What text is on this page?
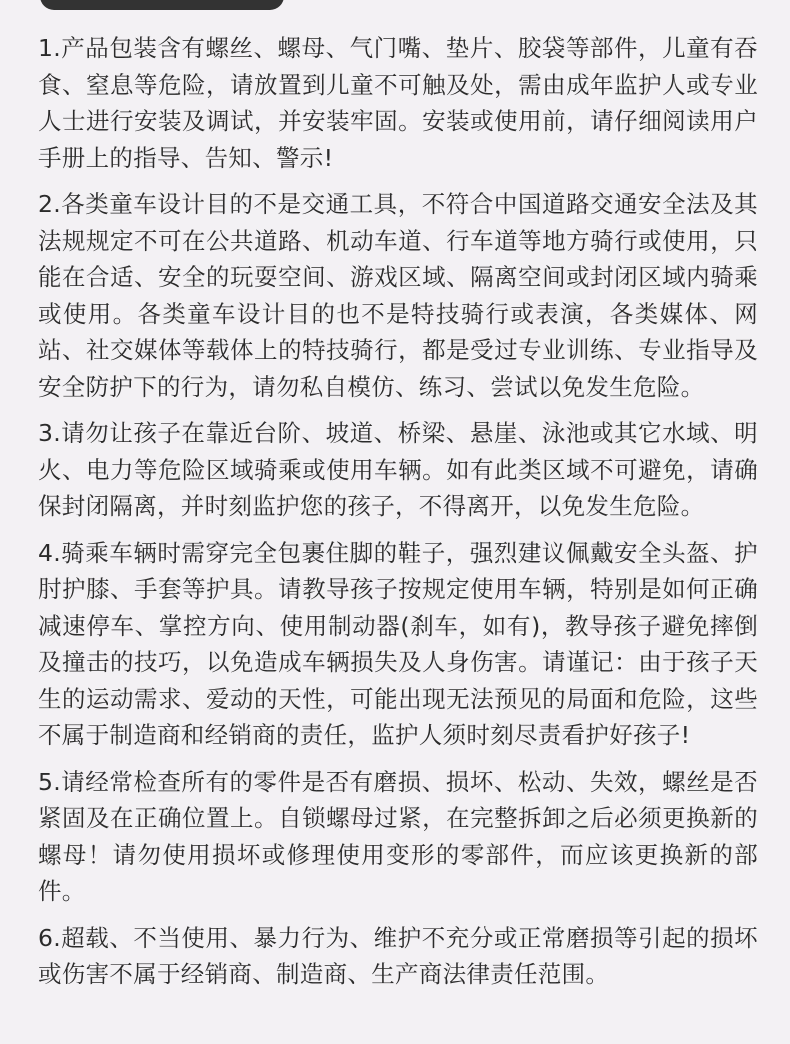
1.产品包装含有螺丝、螺母、气门嘴、垫片、胶袋等部件，儿童有吞食、窒息等危险，请放置到儿童不可触及处，需由成年监护人或专业人士进行安装及调试，并安装牢固。安装或使用前，请仔细阅读用户手册上的指导、告知、警示!

2.各类童车设计目的不是交通工具，不符合中国道路交通安全法及其法规规定不可在公共道路、机动车道、行车道等地方骑行或使用，只能在合适、安全的玩耍空间、游戏区域、隔离空间或封闭区域内骑乘或使用。各类童车设计目的也不是特技骑行或表演，各类媒体、网站、社交媒体等载体上的特技骑行，都是受过专业训练、专业指导及安全防护下的行为，请勿私自模仿、练习、尝试以免发生危险。

3.请勿让孩子在靠近台阶、坡道、桥梁、悬崖、泳池或其它水域、明火、电力等危险区域骑乘或使用车辆。如有此类区域不可避免，请确保封闭隔离，并时刻监护您的孩子，不得离开，以免发生危险。

4.骑乘车辆时需穿完全包裹住脚的鞋子，强烈建议佩戴安全头盔、护肘护膝、手套等护具。请教导孩子按规定使用车辆，特别是如何正确减速停车、掌控方向、使用制动器(刹车，如有)，教导孩子避免摔倒及撞击的技巧，以免造成车辆损失及人身伤害。请谨记：由于孩子天生的运动需求、爱动的天性，可能出现无法预见的局面和危险，这些不属于制造商和经销商的责任，监护人须时刻尽责看护好孩子!

5.请经常检查所有的零件是否有磨损、损坏、松动、失效，螺丝是否紧固及在正确位置上。自锁螺母过紧，在完整拆卸之后必须更换新的螺母！请勿使用损坏或修理使用变形的零部件，而应该更换新的部件。

6.超载、不当使用、暴力行为、维护不充分或正常磨损等引起的损坏或伤害不属于经销商、制造商、生产商法律责任范围。
